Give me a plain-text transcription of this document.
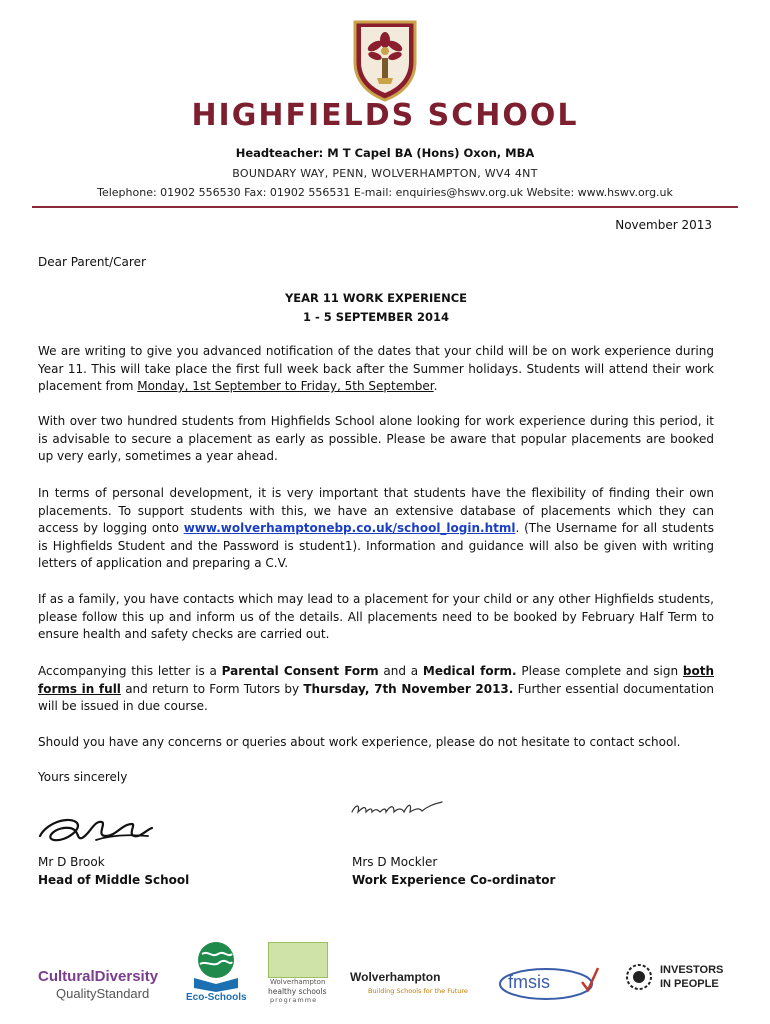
HIGHFIELDS SCHOOL
Headteacher: M T Capel BA (Hons) Oxon, MBA
BOUNDARY WAY, PENN, WOLVERHAMPTON, WV4 4NT
Telephone: 01902 556530 Fax: 01902 556531 E-mail: enquiries@hswv.org.uk Website: www.hswv.org.uk
November 2013
Dear Parent/Carer
YEAR 11 WORK EXPERIENCE
1 - 5 SEPTEMBER 2014

We are writing to give you advanced notification of the dates that your child will be on work experience during Year 11. This will take place the first full week back after the Summer holidays. Students will attend their work placement from Monday, 1st September to Friday, 5th September.

With over two hundred students from Highfields School alone looking for work experience during this period, it is advisable to secure a placement as early as possible. Please be aware that popular placements are booked up very early, sometimes a year ahead.

In terms of personal development, it is very important that students have the flexibility of finding their own placements. To support students with this, we have an extensive database of placements which they can access by logging onto www.wolverhamptonebp.co.uk/school_login.html. (The Username for all students is Highfields Student and the Password is student1). Information and guidance will also be given with writing letters of application and preparing a C.V.

If as a family, you have contacts which may lead to a placement for your child or any other Highfields students, please follow this up and inform us of the details. All placements need to be booked by February Half Term to ensure health and safety checks are carried out.

Accompanying this letter is a Parental Consent Form and a Medical form. Please complete and sign both forms in full and return to Form Tutors by Thursday, 7th November 2013. Further essential documentation will be issued in due course.

Should you have any concerns or queries about work experience, please do not hesitate to contact school.

Yours sincerely
Mr D Brook
Head of Middle School
Mrs D Mockler
Work Experience Co-ordinator
CulturalDiversity
QualityStandard	Eco-Schools
Wolverhampton
healthy schools
programme
Wolverhampton
Building Schools for the Future fmsis
INVESTORS
IN PEOPLE
